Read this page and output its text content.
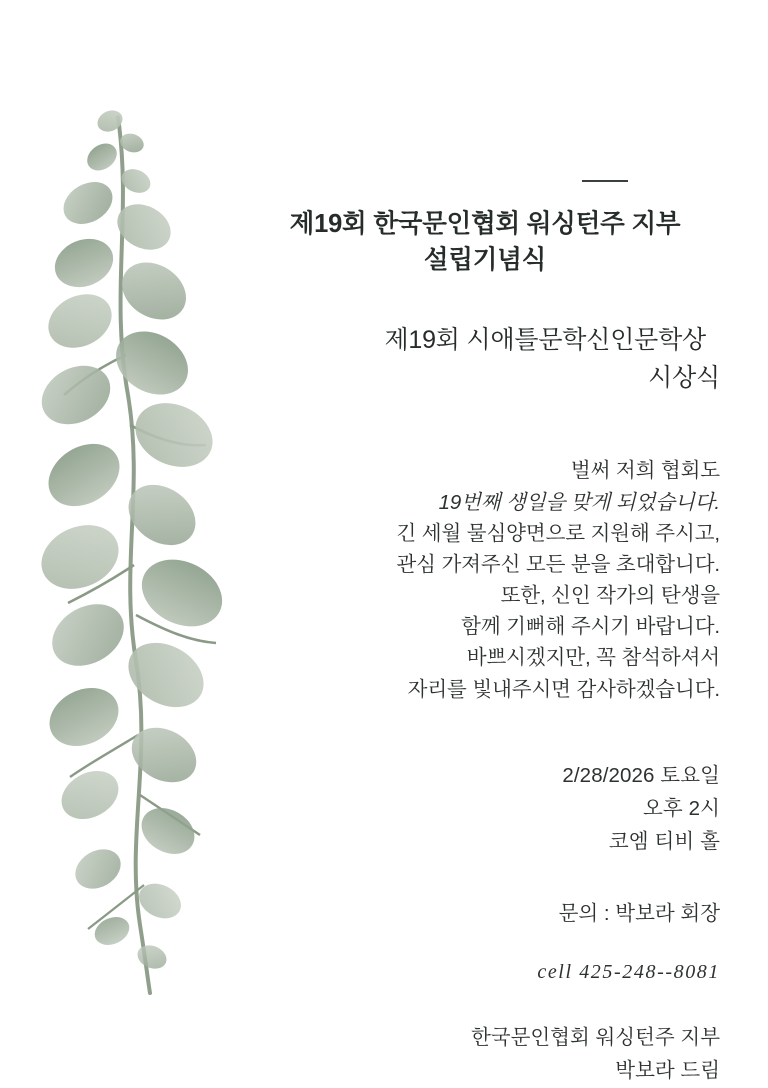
제19회 한국문인협회 워싱턴주 지부
설립기념식
제19회 시애틀문학신인문학상
시상식
벌써 저희 협회도
19번째 생일을 맞게 되었습니다.
긴 세월 물심양면으로 지원해 주시고,
관심 가져주신 모든 분을 초대합니다.
또한, 신인 작가의 탄생을
함께 기뻐해 주시기 바랍니다.
바쁘시겠지만, 꼭 참석하셔서
자리를 빛내주시면 감사하겠습니다.
2/28/2026 토요일
오후 2시
코엠 티비 홀
문의 : 박보라 회장
cell 425-248--8081
한국문인협회 워싱턴주 지부
박보라 드림
